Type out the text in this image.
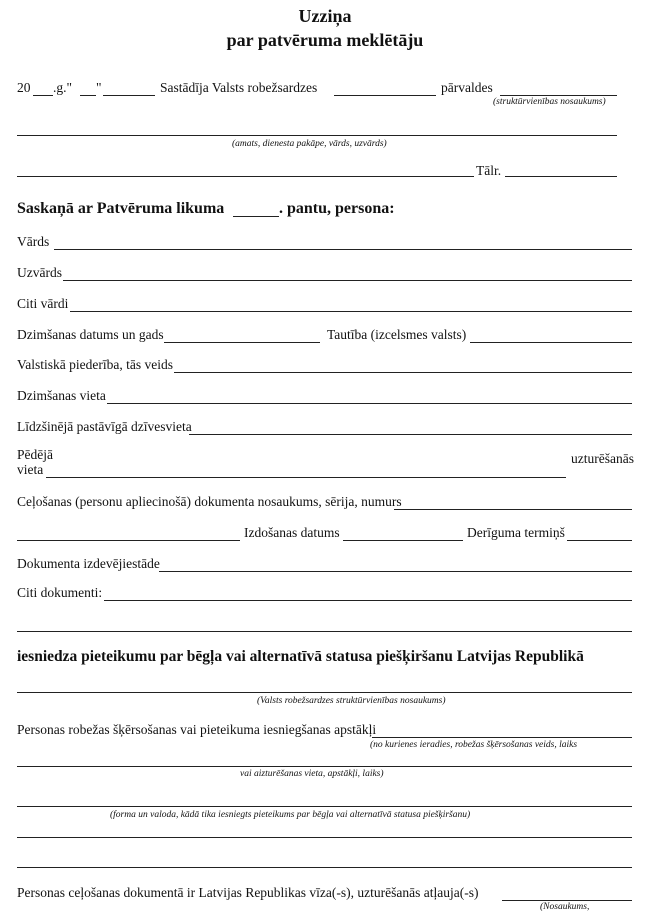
Uzziņa
par patvēruma meklētāju
20 .g." "	Sastādīja Valsts robežsardzes	pārvaldes
(struktūrvienības nosaukums)
(amats, dienesta pakāpe, vārds, uzvārds)
Tālr.
Saskaņā ar Patvēruma likuma	. pantu, persona:
Vārds
Uzvārds
Citi vārdi
Dzimšanas datums un gads	Tautība (izcelsmes valsts)
Valstiskā piederība, tās veids
Dzimšanas vieta
Līdzšinējā pastāvīgā dzīvesvieta
Pēdējā	uzturēšanās
vieta
Ceļošanas (personu apliecinošā) dokumenta nosaukums, sērija, numurs
Izdošanas datums	Derīguma termiņš
Dokumenta izdevējiestāde
Citi dokumenti:
iesniedza pieteikumu par bēgļa vai alternatīvā statusa piešķiršanu Latvijas Republikā
(Valsts robežsardzes struktūrvienības nosaukums)
Personas robežas šķērsošanas vai pieteikuma iesniegšanas apstākļi
(no kurienes ieradies, robežas šķērsošanas veids, laiks
vai aizturēšanas vieta, apstākļi, laiks)
(forma un valoda, kādā tika iesniegts pieteikums par bēgļa vai alternatīvā statusa piešķiršanu)
Personas ceļošanas dokumentā ir Latvijas Republikas vīza(-s), uzturēšanās atļauja(-s)
(Nosaukums,
